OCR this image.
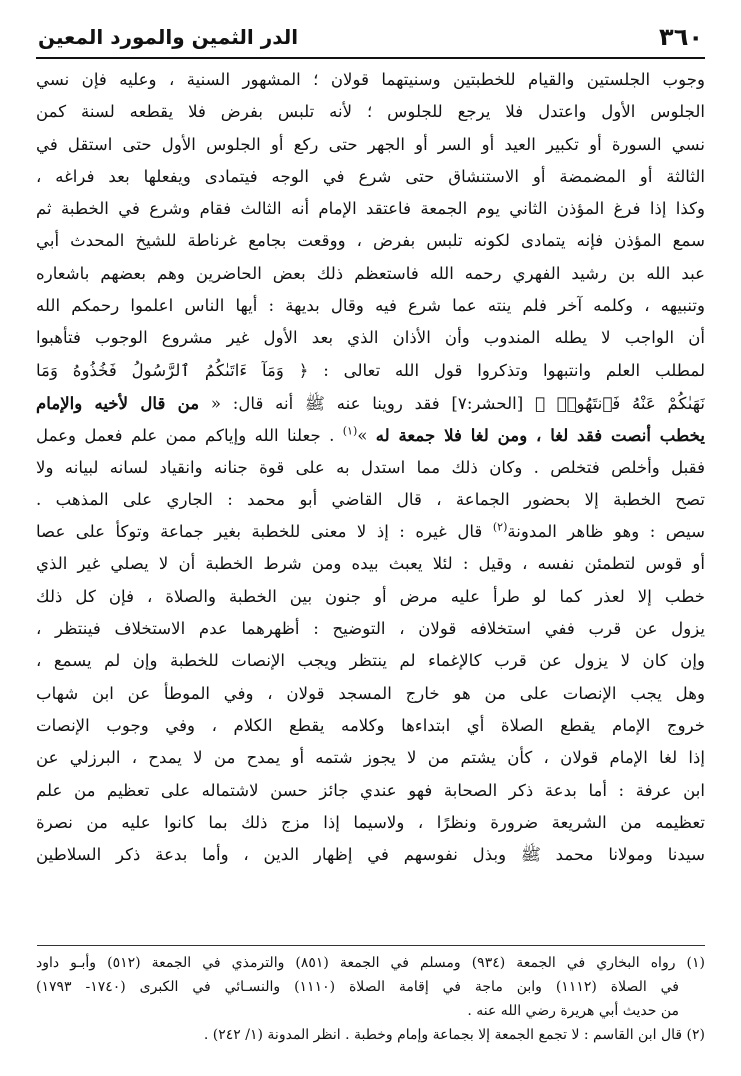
٣٦٠
الدر الثمين والمورد المعين
وجوب الجلستين والقيام للخطبتين وسنيتهما قولان ؛ المشهور السنية ، وعليه فإن نسي
الجلوس الأول واعتدل فلا يرجع للجلوس ؛ لأنه تلبس بفرض فلا يقطعه لسنة كمن
نسي السورة أو تكبير العيد أو السر أو الجهر حتى ركع أو الجلوس الأول حتى استقل في
الثالثة أو المضمضة أو الاستنشاق حتى شرع في الوجه فيتمادى ويفعلها بعد فراغه ،
وكذا إذا فرغ المؤذن الثاني يوم الجمعة فاعتقد الإمام أنه الثالث فقام وشرع في الخطبة ثم
سمع المؤذن فإنه يتمادى لكونه تلبس بفرض ، ووقعت بجامع غرناطة للشيخ المحدث أبي
عبد الله بن رشيد الفهري رحمه الله فاستعظم ذلك بعض الحاضرين وهم بعضهم باشعاره
وتنبيهه ، وكلمه آخر فلم ينته عما شرع فيه وقال بديهة : أيها الناس اعلموا رحمكم الله
أن الواجب لا يطله المندوب وأن الأذان الذي بعد الأول غير مشروع الوجوب فتأهبوا
لمطلب العلم وانتبهوا وتذكروا قول الله تعالى : ﴿ وَمَآ ءَاتَىٰكُمُ ٱلرَّسُولُ فَخُذُوهُ وَمَا
نَهَىٰكُمْ عَنْهُ فَٱنتَهُوا۟ ﴾ [الحشر:٧] فقد روينا عنه ﷺ أنه قال: « من قال لأخيه والإمام
يخطب أنصت فقد لغا ، ومن لغا فلا جمعة له »$^{(١)}$ . جعلنا الله وإياكم ممن علم فعمل وعمل
فقبل وأخلص فتخلص . وكان ذلك مما استدل به على قوة جنانه وانقياد لسانه لبيانه ولا
تصح الخطبة إلا بحضور الجماعة ، قال القاضي أبو محمد : الجاري على المذهب .
سيص : وهو ظاهر المدونة$^{(٢)}$ قال غيره : إذ لا معنى للخطبة بغير جماعة وتوكأ على عصا
أو قوس لتطمئن نفسه ، وقيل : لئلا يعبث بيده ومن شرط الخطبة أن لا يصلي غير الذي
خطب إلا لعذر كما لو طرأ عليه مرض أو جنون بين الخطبة والصلاة ، فإن كل ذلك
يزول عن قرب ففي استخلافه قولان ، التوضيح : أظهرهما عدم الاستخلاف فينتظر ،
وإن كان لا يزول عن قرب كالإغماء لم ينتظر ويجب الإنصات للخطبة وإن لم يسمع ،
وهل يجب الإنصات على من هو خارج المسجد قولان ، وفي الموطأ عن ابن شهاب
خروج الإمام يقطع الصلاة أي ابتداءها وكلامه يقطع الكلام ، وفي وجوب الإنصات
إذا لغا الإمام قولان ، كأن يشتم من لا يجوز شتمه أو يمدح من لا يمدح ، البرزلي عن
ابن عرفة : أما بدعة ذكر الصحابة فهو عندي جائز حسن لاشتماله على تعظيم من علم
تعظيمه من الشريعة ضرورة ونظرًا ، ولاسيما إذا مزج ذلك بما كانوا عليه من نصرة
سيدنا ومولانا محمد ﷺ وبذل نفوسهم في إظهار الدين ، وأما بدعة ذكر السلاطين
(١) رواه البخاري في الجمعة (٩٣٤) ومسلم في الجمعة (٨٥١) والترمذي في الجمعة (٥١٢) وأبـو داود
في الصلاة (١١١٢) وابن ماجة في إقامة الصلاة (١١١٠) والنسـائي في الكبرى (١٧٤٠- ١٧٩٣)
من حديث أبي هريرة رضي الله عنه .
(٢) قال ابن القاسم : لا تجمع الجمعة إلا بجماعة وإمام وخطبة . انظر المدونة (١/ ٢٤٢) .
